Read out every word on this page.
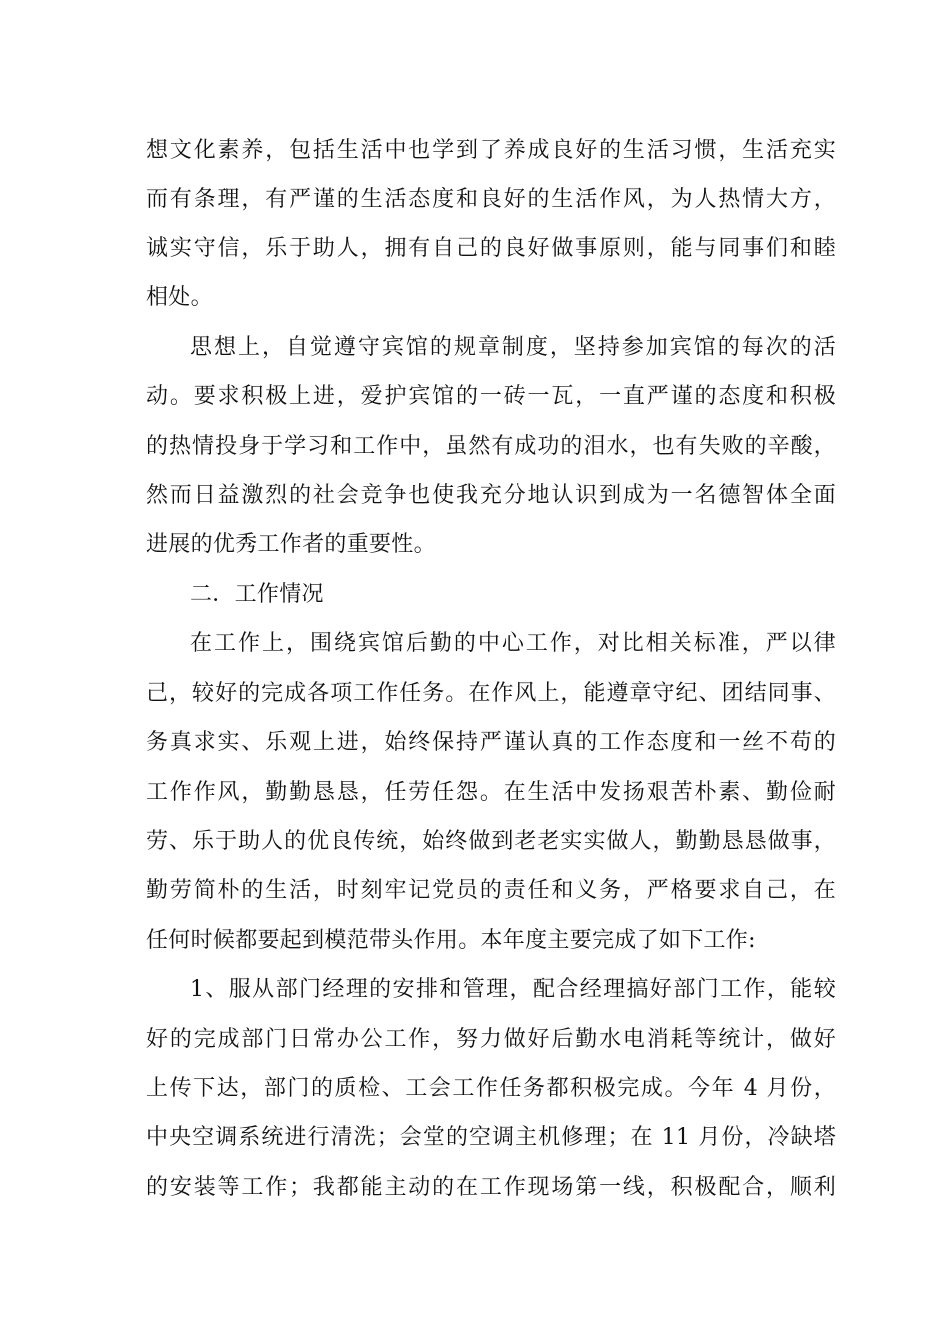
想文化素养，包括生活中也学到了养成良好的生活习惯，生活充实
而有条理，有严谨的生活态度和良好的生活作风，为人热情大方，
诚实守信，乐于助人，拥有自己的良好做事原则，能与同事们和睦
相处。
思想上，自觉遵守宾馆的规章制度，坚持参加宾馆的每次的活
动。要求积极上进，爱护宾馆的一砖一瓦，一直严谨的态度和积极
的热情投身于学习和工作中，虽然有成功的泪水，也有失败的辛酸，
然而日益激烈的社会竞争也使我充分地认识到成为一名德智体全面
进展的优秀工作者的重要性。
二．工作情况
在工作上，围绕宾馆后勤的中心工作，对比相关标准，严以律
己，较好的完成各项工作任务。在作风上，能遵章守纪、团结同事、
务真求实、乐观上进，始终保持严谨认真的工作态度和一丝不苟的
工作作风，勤勤恳恳，任劳任怨。在生活中发扬艰苦朴素、勤俭耐
劳、乐于助人的优良传统，始终做到老老实实做人，勤勤恳恳做事，
勤劳简朴的生活，时刻牢记党员的责任和义务，严格要求自己，在
任何时候都要起到模范带头作用。本年度主要完成了如下工作:
1、服从部门经理的安排和管理，配合经理搞好部门工作，能较
好的完成部门日常办公工作，努力做好后勤水电消耗等统计，做好
上传下达，部门的质检、工会工作任务都积极完成。今年 4 月份，
中央空调系统进行清洗；会堂的空调主机修理；在 11 月份，冷缺塔
的安装等工作；我都能主动的在工作现场第一线，积极配合，顺利
